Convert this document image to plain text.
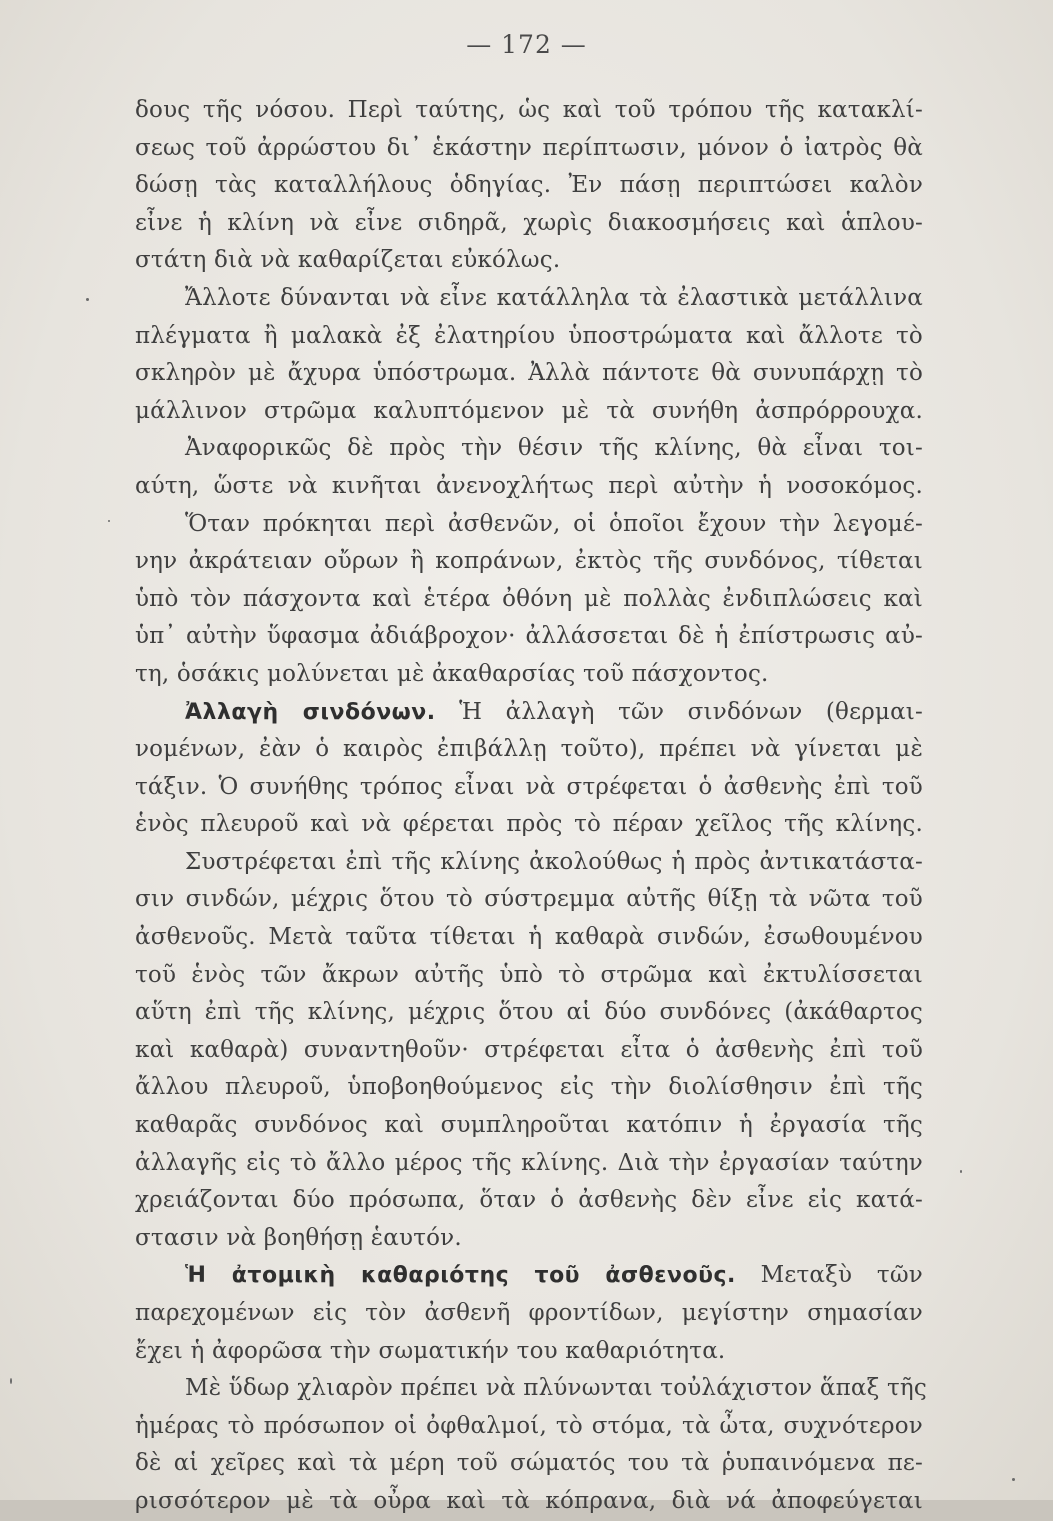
— 172 —
δους τῆς νόσου. Περὶ ταύτης, ὡς καὶ τοῦ τρόπου τῆς κατακλί-
σεως τοῦ ἀρρώστου δι᾽ ἑκάστην περίπτωσιν, μόνον ὁ ἰατρὸς θὰ
δώσῃ τὰς καταλλήλους ὁδηγίας. Ἐν πάσῃ περιπτώσει καλὸν
εἶνε ἡ κλίνη νὰ εἶνε σιδηρᾶ, χωρὶς διακοσμήσεις καὶ ἁπλου-
στάτη διὰ νὰ καθαρίζεται εὐκόλως.
Ἄλλοτε δύνανται νὰ εἶνε κατάλληλα τὰ ἐλαστικὰ μετάλλινα
πλέγματα ἢ μαλακὰ ἐξ ἐλατηρίου ὑποστρώματα καὶ ἄλλοτε τὸ
σκληρὸν μὲ ἄχυρα ὑπόστρωμα. Ἀλλὰ πάντοτε θὰ συνυπάρχῃ τὸ
μάλλινον στρῶμα καλυπτόμενον μὲ τὰ συνήθη ἀσπρόρρουχα.
Ἀναφορικῶς δὲ πρὸς τὴν θέσιν τῆς κλίνης, θὰ εἶναι τοι-
αύτη, ὥστε νὰ κινῆται ἀνενοχλήτως περὶ αὐτὴν ἡ νοσοκόμος.
Ὅταν πρόκηται περὶ ἀσθενῶν, οἱ ὁποῖοι ἔχουν τὴν λεγομέ-
νην ἀκράτειαν οὔρων ἢ κοπράνων, ἐκτὸς τῆς συνδόνος, τίθεται
ὑπὸ τὸν πάσχοντα καὶ ἑτέρα ὀθόνη μὲ πολλὰς ἐνδιπλώσεις καὶ
ὑπ᾽ αὐτὴν ὕφασμα ἀδιάβροχον· ἀλλάσσεται δὲ ἡ ἐπίστρωσις αὐ-
τη, ὁσάκις μολύνεται μὲ ἀκαθαρσίας τοῦ πάσχοντος.
Ἀλλαγὴ σινδόνων. Ἡ ἀλλαγὴ τῶν σινδόνων (θερμαι-
νομένων, ἐὰν ὁ καιρὸς ἐπιβάλλῃ τοῦτο), πρέπει νὰ γίνεται μὲ
τάξιν. Ὁ συνήθης τρόπος εἶναι νὰ στρέφεται ὁ ἀσθενὴς ἐπὶ τοῦ
ἑνὸς πλευροῦ καὶ νὰ φέρεται πρὸς τὸ πέραν χεῖλος τῆς κλίνης.
Συστρέφεται ἐπὶ τῆς κλίνης ἀκολούθως ἡ πρὸς ἀντικατάστα-
σιν σινδών, μέχρις ὅτου τὸ σύστρεμμα αὐτῆς θίξῃ τὰ νῶτα τοῦ
ἀσθενοῦς. Μετὰ ταῦτα τίθεται ἡ καθαρὰ σινδών, ἐσωθουμένου
τοῦ ἑνὸς τῶν ἄκρων αὐτῆς ὑπὸ τὸ στρῶμα καὶ ἐκτυλίσσεται
αὕτη ἐπὶ τῆς κλίνης, μέχρις ὅτου αἱ δύο συνδόνες (ἀκάθαρτος
καὶ καθαρὰ) συναντηθοῦν· στρέφεται εἶτα ὁ ἀσθενὴς ἐπὶ τοῦ
ἄλλου πλευροῦ, ὑποβοηθούμενος εἰς τὴν διολίσθησιν ἐπὶ τῆς
καθαρᾶς συνδόνος καὶ συμπληροῦται κατόπιν ἡ ἐργασία τῆς
ἀλλαγῆς εἰς τὸ ἄλλο μέρος τῆς κλίνης. Διὰ τὴν ἐργασίαν ταύτην
χρειάζονται δύο πρόσωπα, ὅταν ὁ ἀσθενὴς δὲν εἶνε εἰς κατά-
στασιν νὰ βοηθήσῃ ἑαυτόν.
Ἡ ἀτομικὴ καθαριότης τοῦ ἀσθενοῦς. Μεταξὺ τῶν
παρεχομένων εἰς τὸν ἀσθενῆ φροντίδων, μεγίστην σημασίαν
ἔχει ἡ ἀφορῶσα τὴν σωματικήν του καθαριότητα.
Μὲ ὕδωρ χλιαρὸν πρέπει νὰ πλύνωνται τοὐλάχιστον ἅπαξ τῆς
ἡμέρας τὸ πρόσωπον οἱ ὀφθαλμοί, τὸ στόμα, τὰ ὦτα, συχνότερον
δὲ αἱ χεῖρες καὶ τὰ μέρη τοῦ σώματός του τὰ ῥυπαινόμενα πε-
ρισσότερον μὲ τὰ οὖρα καὶ τὰ κόπρανα, διὰ νά ἀποφεύγεται
